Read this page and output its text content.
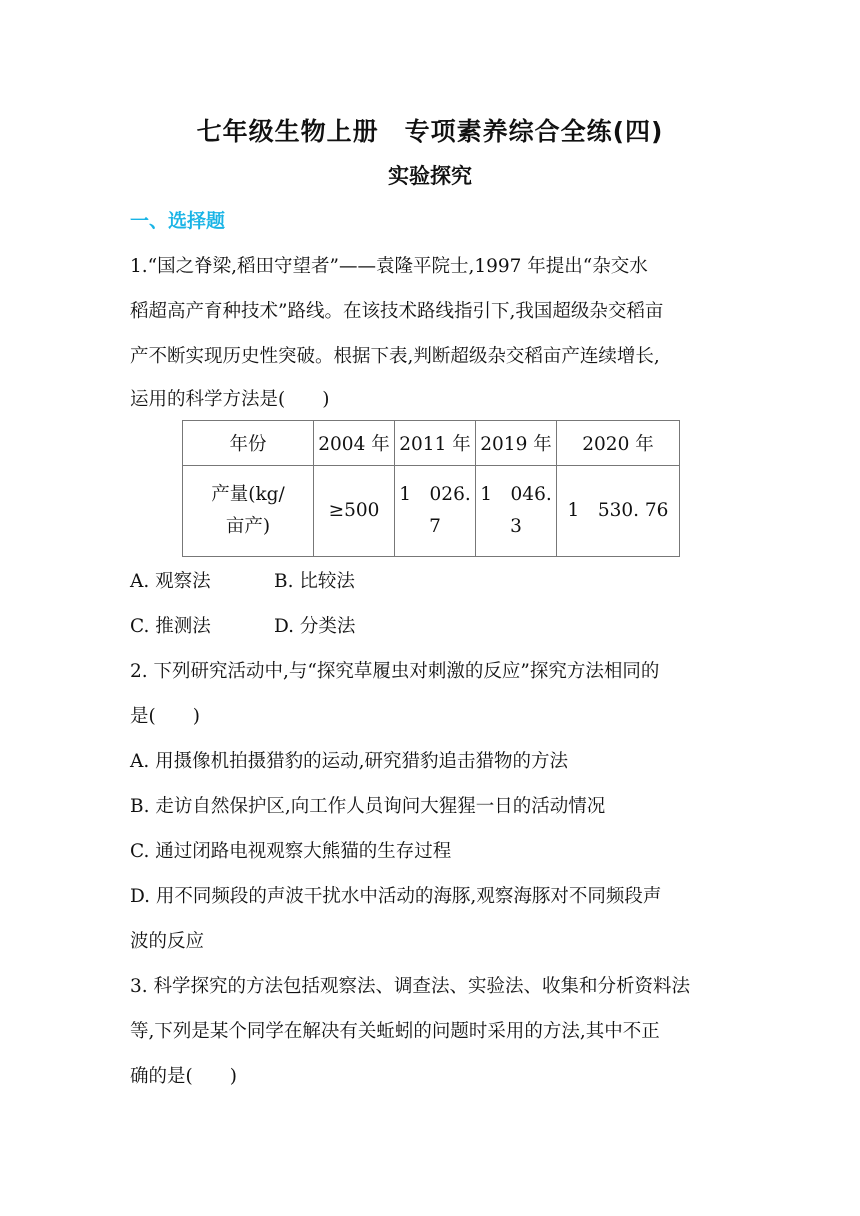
七年级生物上册　专项素养综合全练(四)
实验探究
一、选择题
1.“国之脊梁,稻田守望者”——袁隆平院士,1997 年提出“杂交水
稻超高产育种技术”路线。在该技术路线指引下,我国超级杂交稻亩
产不断实现历史性突破。根据下表,判断超级杂交稻亩产连续增长,
运用的科学方法是(　　)
年份	2004 年	2011 年	2019 年	2020 年
产量(kg/
亩产)	≥500	1　026. 7	1　046. 3	1　530. 76
A. 观察法	B. 比较法
C. 推测法	D. 分类法
2. 下列研究活动中,与“探究草履虫对刺激的反应”探究方法相同的
是(　　)
A. 用摄像机拍摄猎豹的运动,研究猎豹追击猎物的方法
B. 走访自然保护区,向工作人员询问大猩猩一日的活动情况
C. 通过闭路电视观察大熊猫的生存过程
D. 用不同频段的声波干扰水中活动的海豚,观察海豚对不同频段声
波的反应
3. 科学探究的方法包括观察法、调查法、实验法、收集和分析资料法
等,下列是某个同学在解决有关蚯蚓的问题时采用的方法,其中不正
确的是(　　)
